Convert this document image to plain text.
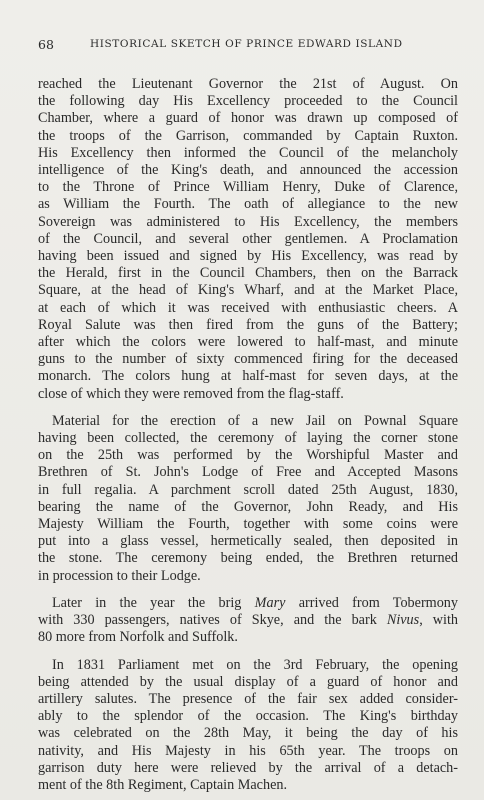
68	HISTORICAL SKETCH OF PRINCE EDWARD ISLAND

reached the Lieutenant Governor the 21st of August. On
the following day His Excellency proceeded to the Council
Chamber, where a guard of honor was drawn up composed of
the troops of the Garrison, commanded by Captain Ruxton.
His Excellency then informed the Council of the melancholy
intelligence of the King's death, and announced the accession
to the Throne of Prince William Henry, Duke of Clarence,
as William the Fourth. The oath of allegiance to the new
Sovereign was administered to His Excellency, the members
of the Council, and several other gentlemen. A Proclamation
having been issued and signed by His Excellency, was read by
the Herald, first in the Council Chambers, then on the Barrack
Square, at the head of King's Wharf, and at the Market Place,
at each of which it was received with enthusiastic cheers. A
Royal Salute was then fired from the guns of the Battery;
after which the colors were lowered to half-mast, and minute
guns to the number of sixty commenced firing for the deceased
monarch. The colors hung at half-mast for seven days, at the
close of which they were removed from the flag-staff.

Material for the erection of a new Jail on Pownal Square
having been collected, the ceremony of laying the corner stone
on the 25th was performed by the Worshipful Master and
Brethren of St. John's Lodge of Free and Accepted Masons
in full regalia. A parchment scroll dated 25th August, 1830,
bearing the name of the Governor, John Ready, and His
Majesty William the Fourth, together with some coins were
put into a glass vessel, hermetically sealed, then deposited in
the stone. The ceremony being ended, the Brethren returned
in procession to their Lodge.

Later in the year the brig Mary arrived from Tobermony
with 330 passengers, natives of Skye, and the bark Nivus, with
80 more from Norfolk and Suffolk.

In 1831 Parliament met on the 3rd February, the opening
being attended by the usual display of a guard of honor and
artillery salutes. The presence of the fair sex added consider-
ably to the splendor of the occasion. The King's birthday
was celebrated on the 28th May, it being the day of his
nativity, and His Majesty in his 65th year. The troops on
garrison duty here were relieved by the arrival of a detach-
ment of the 8th Regiment, Captain Machen.
